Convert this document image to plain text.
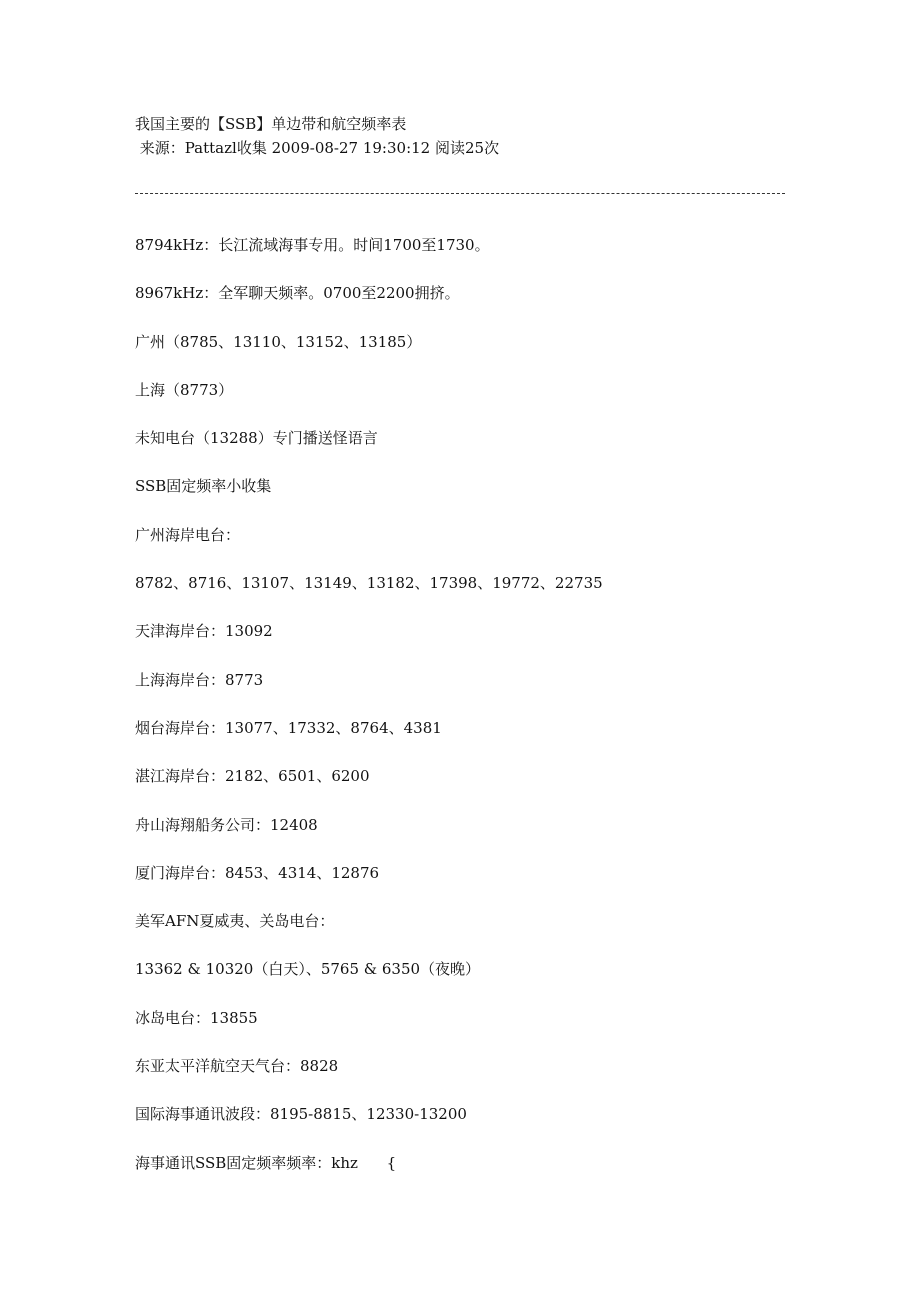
我国主要的【SSB】单边带和航空频率表
来源：Pattazl收集 2009-08-27 19:30:12 阅读25次
8794kHz：长江流域海事专用。时间1700至1730。
8967kHz：全军聊天频率。0700至2200拥挤。
广州（8785、13110、13152、13185）
上海（8773）
未知电台（13288）专门播送怪语言
SSB固定频率小收集
广州海岸电台：
8782、8716、13107、13149、13182、17398、19772、22735
天津海岸台：13092
上海海岸台：8773
烟台海岸台：13077、17332、8764、4381
湛江海岸台：2182、6501、6200
舟山海翔船务公司：12408
厦门海岸台：8453、4314、12876
美军AFN夏威夷、关岛电台：
13362 & 10320（白天）、5765 & 6350（夜晚）
冰岛电台：13855
东亚太平洋航空天气台：8828
国际海事通讯波段：8195-8815、12330-13200
海事通讯SSB固定频率频率：khz      {
